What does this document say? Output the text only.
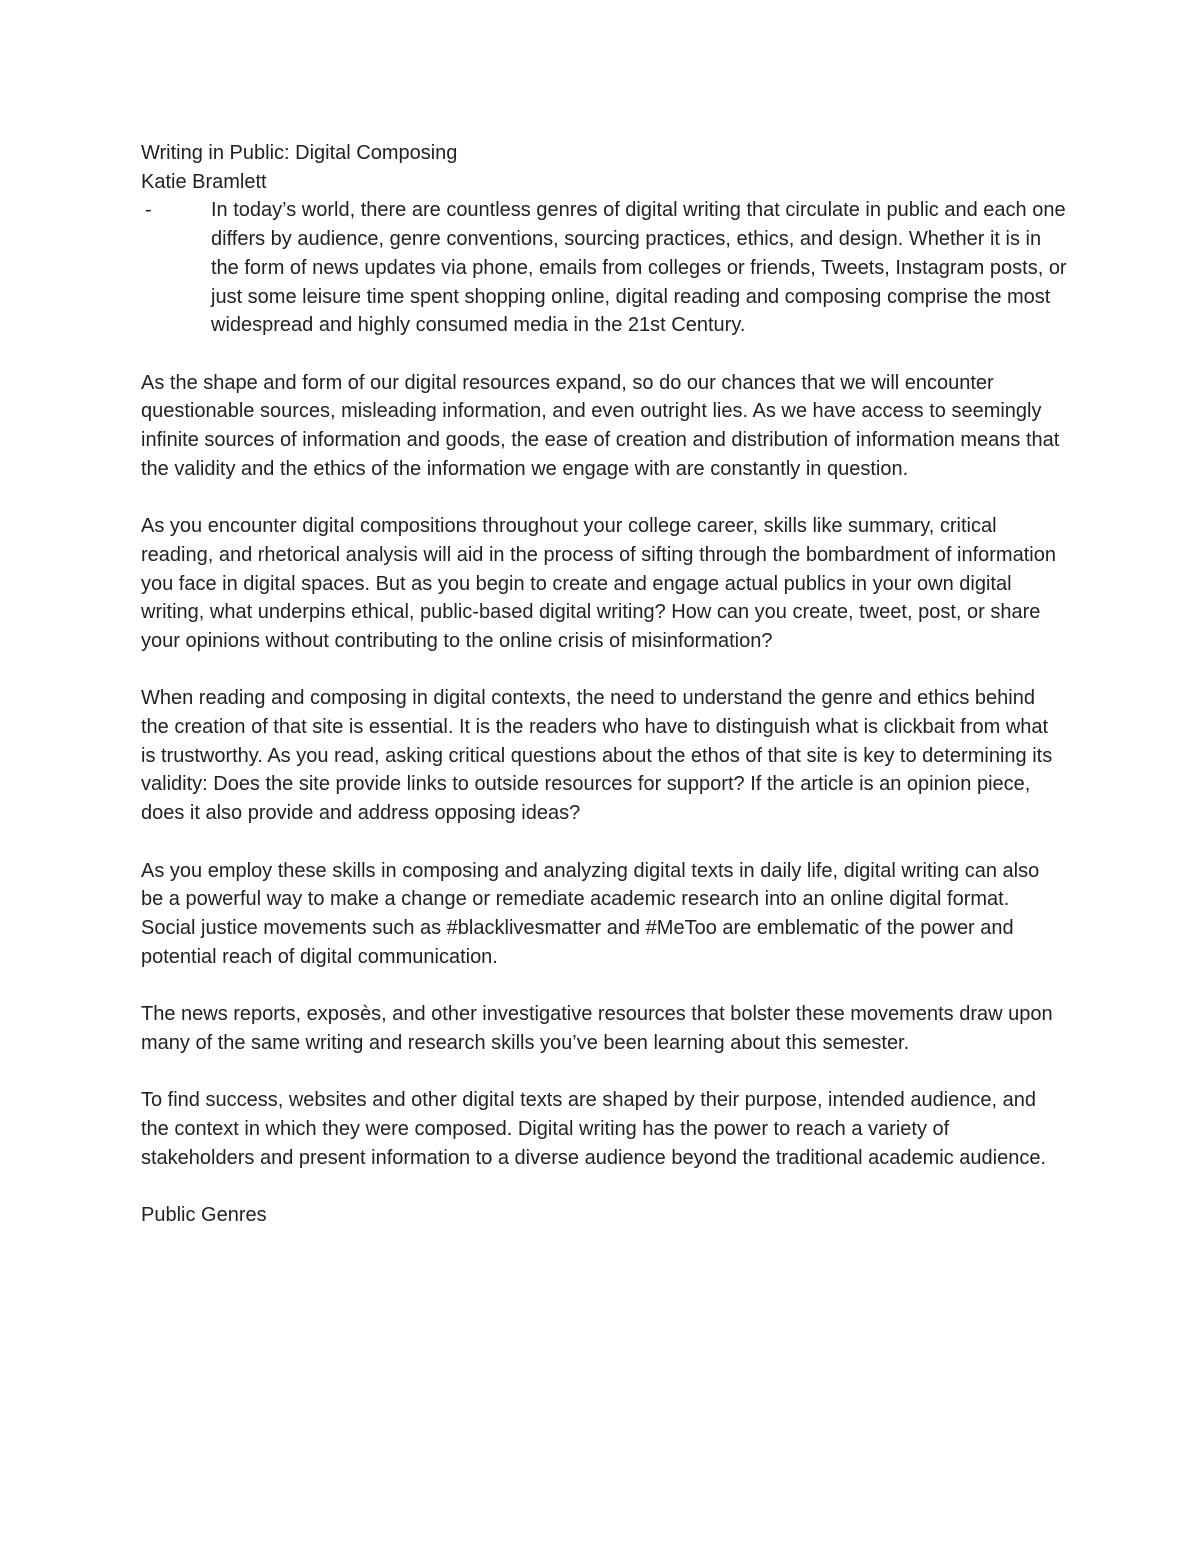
Writing in Public: Digital Composing

Katie Bramlett

-	In today’s world, there are countless genres of digital writing that circulate in public and each one differs by audience, genre conventions, sourcing practices, ethics, and design. Whether it is in the form of news updates via phone, emails from colleges or friends, Tweets, Instagram posts, or just some leisure time spent shopping online, digital reading and composing comprise the most widespread and highly consumed media in the 21st Century.

As the shape and form of our digital resources expand, so do our chances that we will encounter questionable sources, misleading information, and even outright lies. As we have access to seemingly infinite sources of information and goods, the ease of creation and distribution of information means that the validity and the ethics of the information we engage with are constantly in question.

As you encounter digital compositions throughout your college career, skills like summary, critical reading, and rhetorical analysis will aid in the process of sifting through the bombardment of information you face in digital spaces. But as you begin to create and engage actual publics in your own digital writing, what underpins ethical, public-based digital writing? How can you create, tweet, post, or share your opinions without contributing to the online crisis of misinformation?

When reading and composing in digital contexts, the need to understand the genre and ethics behind the creation of that site is essential. It is the readers who have to distinguish what is clickbait from what is trustworthy. As you read, asking critical questions about the ethos of that site is key to determining its validity: Does the site provide links to outside resources for support? If the article is an opinion piece, does it also provide and address opposing ideas?

As you employ these skills in composing and analyzing digital texts in daily life, digital writing can also be a powerful way to make a change or remediate academic research into an online digital format. Social justice movements such as #blacklivesmatter and #MeToo are emblematic of the power and potential reach of digital communication.

The news reports, exposès, and other investigative resources that bolster these movements draw upon many of the same writing and research skills you’ve been learning about this semester.

To find success, websites and other digital texts are shaped by their purpose, intended audience, and the context in which they were composed. Digital writing has the power to reach a variety of stakeholders and present information to a diverse audience beyond the traditional academic audience.

Public Genres
